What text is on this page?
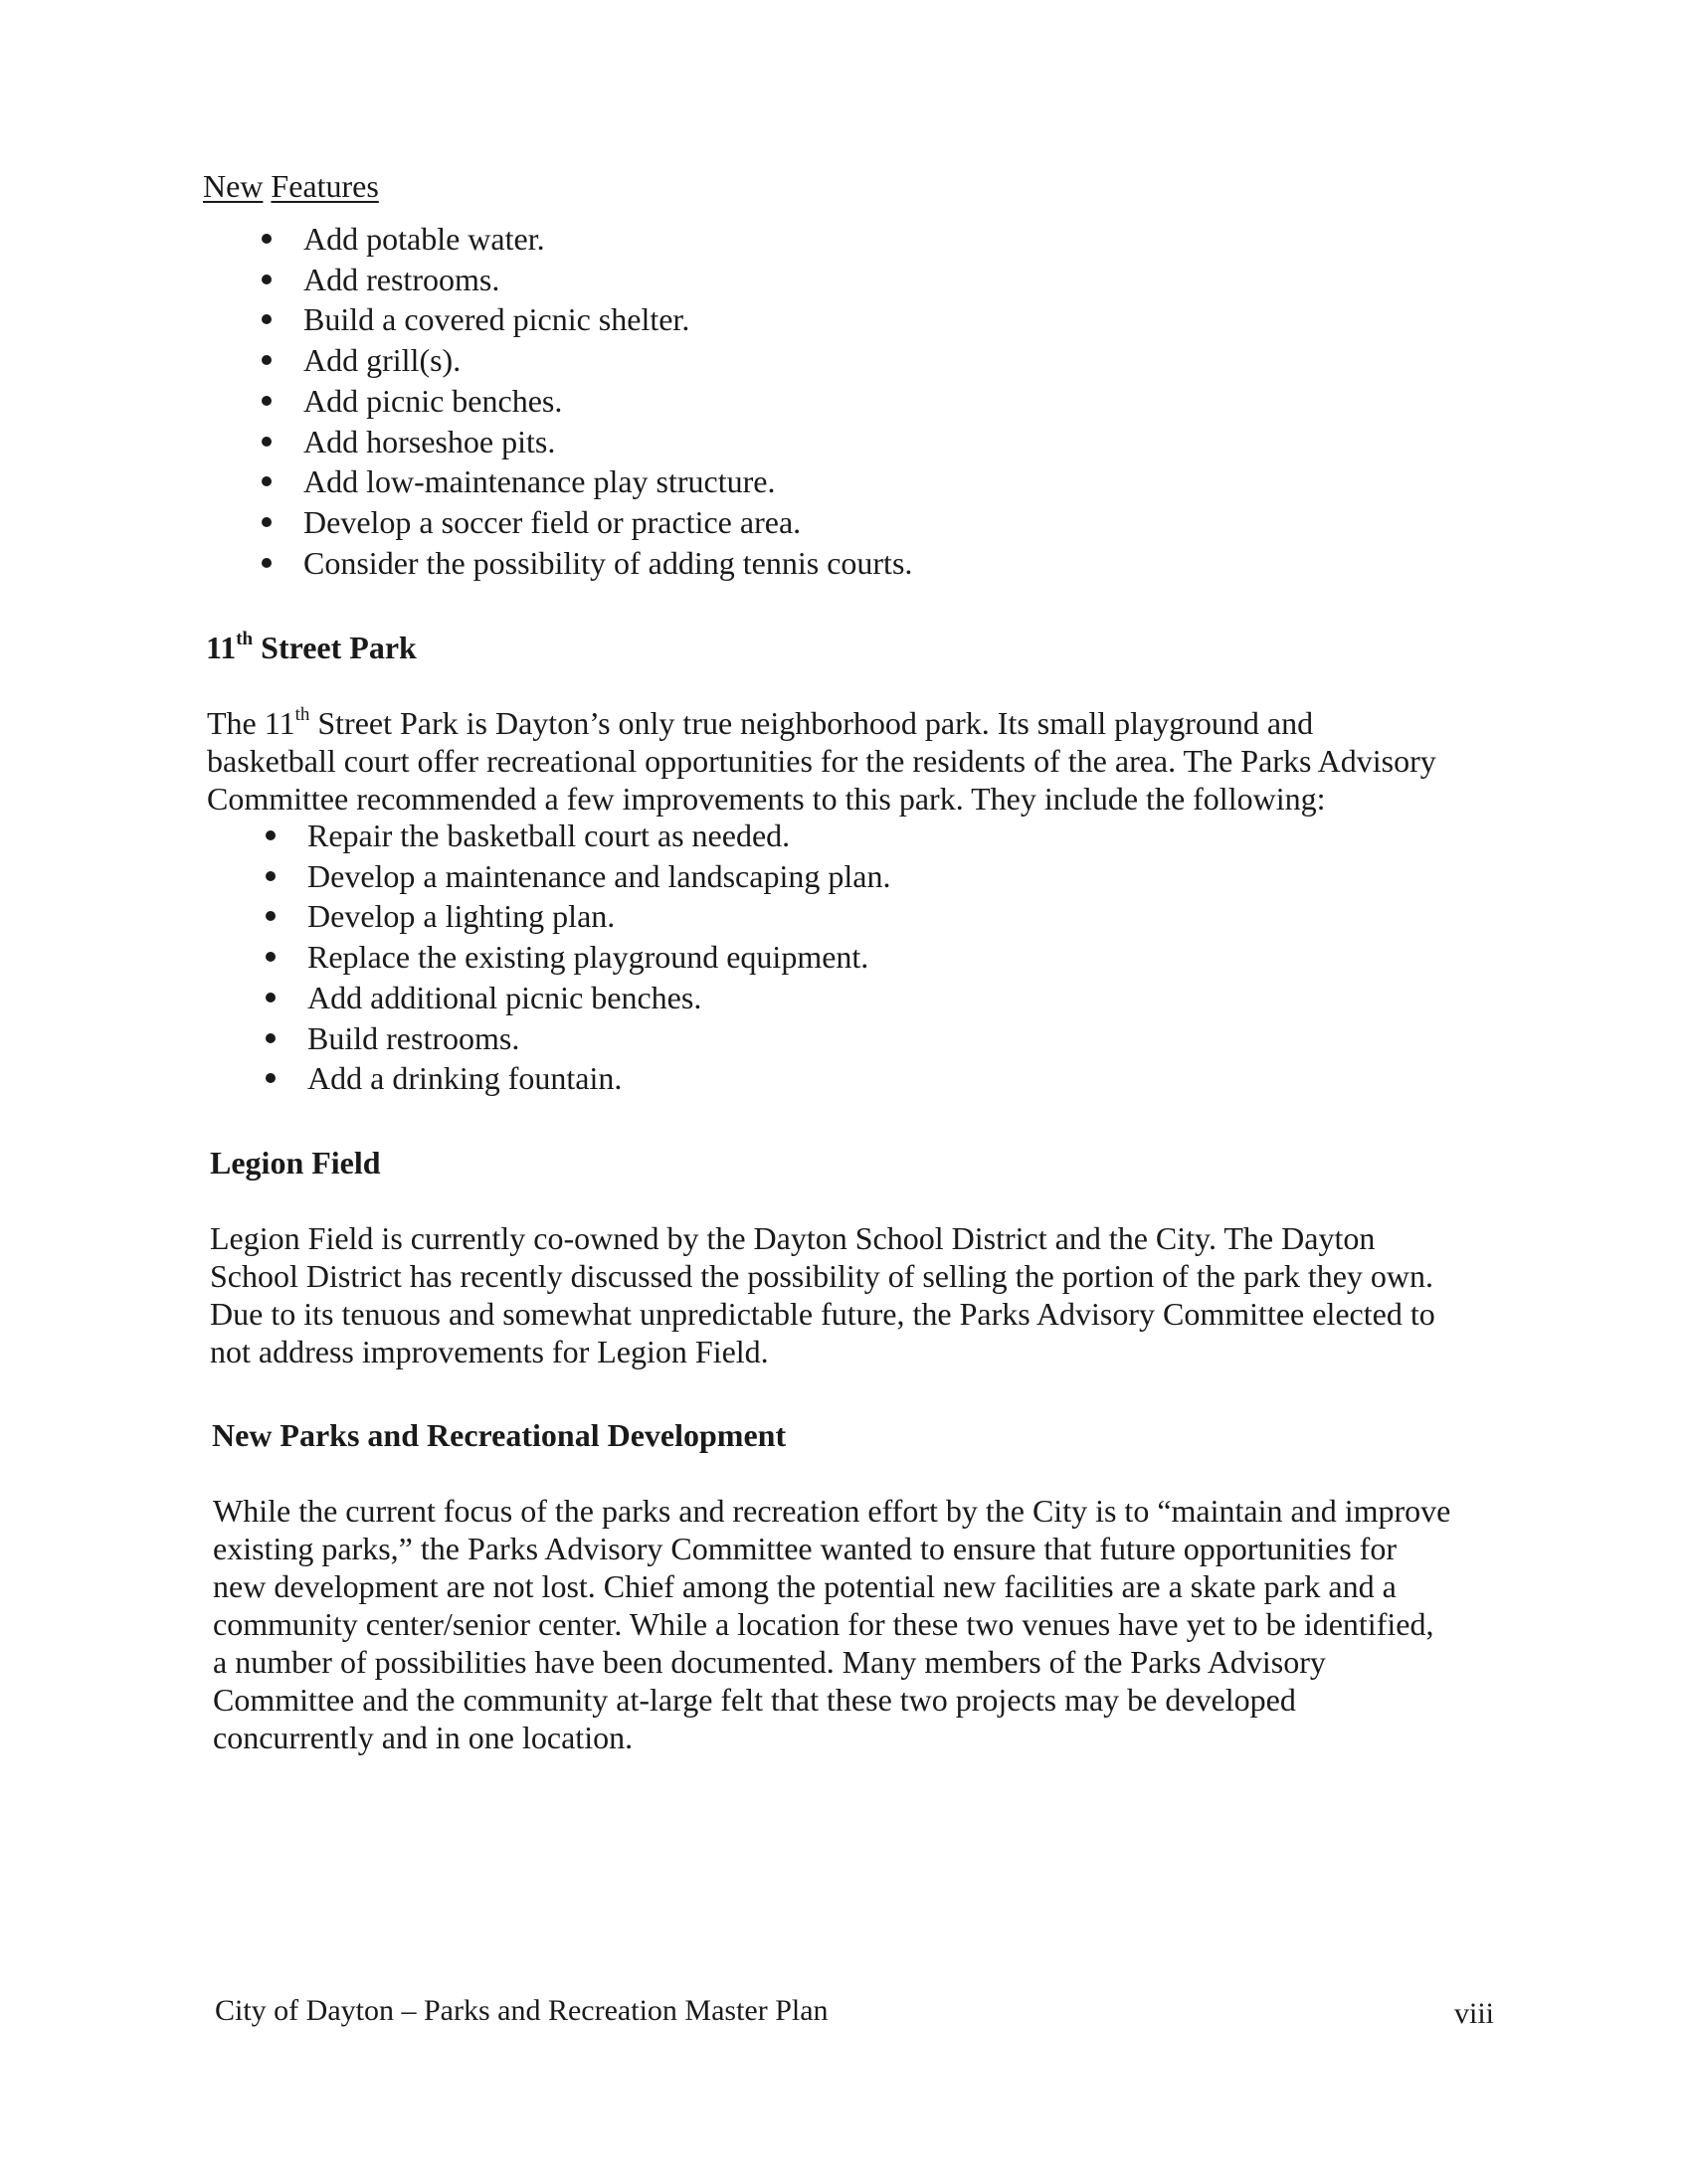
New Features
Add potable water.
Add restrooms.
Build a covered picnic shelter.
Add grill(s).
Add picnic benches.
Add horseshoe pits.
Add low-maintenance play structure.
Develop a soccer field or practice area.
Consider the possibility of adding tennis courts.
11th Street Park
The 11th Street Park is Dayton’s only true neighborhood park. Its small playground and
basketball court offer recreational opportunities for the residents of the area. The Parks Advisory
Committee recommended a few improvements to this park. They include the following:
Repair the basketball court as needed.
Develop a maintenance and landscaping plan.
Develop a lighting plan.
Replace the existing playground equipment.
Add additional picnic benches.
Build restrooms.
Add a drinking fountain.
Legion Field
Legion Field is currently co-owned by the Dayton School District and the City. The Dayton
School District has recently discussed the possibility of selling the portion of the park they own.
Due to its tenuous and somewhat unpredictable future, the Parks Advisory Committee elected to
not address improvements for Legion Field.
New Parks and Recreational Development
While the current focus of the parks and recreation effort by the City is to “maintain and improve
existing parks,” the Parks Advisory Committee wanted to ensure that future opportunities for
new development are not lost. Chief among the potential new facilities are a skate park and a
community center/senior center. While a location for these two venues have yet to be identified,
a number of possibilities have been documented. Many members of the Parks Advisory
Committee and the community at-large felt that these two projects may be developed
concurrently and in one location.
City of Dayton – Parks and Recreation Master Plan	viii
